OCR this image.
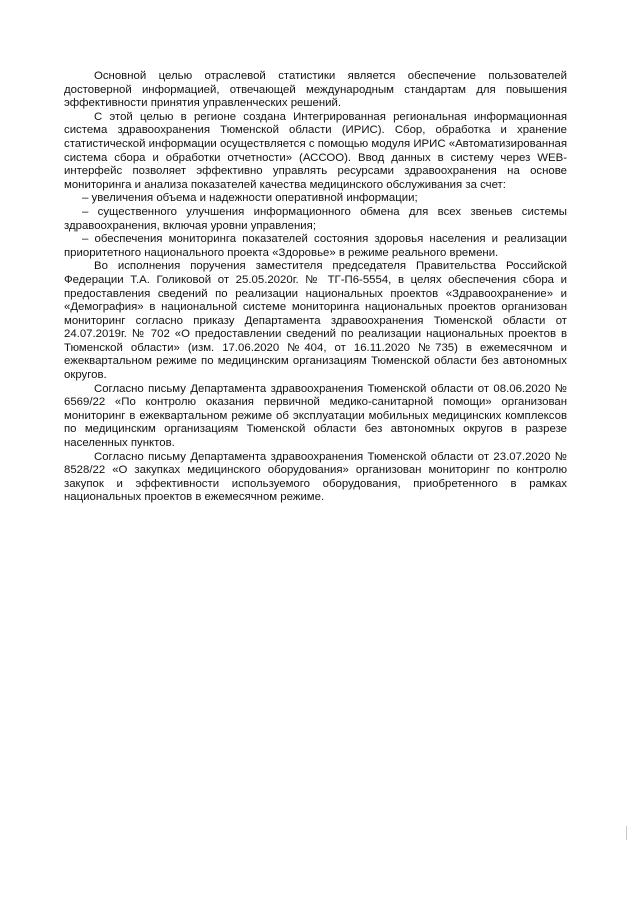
Основной целью отраслевой статистики является обеспечение пользователей достоверной информацией, отвечающей международным стандартам для повышения эффективности принятия управленческих решений.

С этой целью в регионе создана Интегрированная региональная информационная система здравоохранения Тюменской области (ИРИС). Сбор, обработка и хранение статистической информации осуществляется с помощью модуля ИРИС «Автоматизированная система сбора и обработки отчетности» (АССОО). Ввод данных в систему через WEB-интерфейс позволяет эффективно управлять ресурсами здравоохранения на основе мониторинга и анализа показателей качества медицинского обслуживания за счет:

– увеличения объема и надежности оперативной информации;

– существенного улучшения информационного обмена для всех звеньев системы здравоохранения, включая уровни управления;

– обеспечения мониторинга показателей состояния здоровья населения и реализации приоритетного национального проекта «Здоровье» в режиме реального времени.

Во исполнения поручения заместителя председателя Правительства Российской Федерации Т.А. Голиковой от 25.05.2020г. № ТГ-П6-5554, в целях обеспечения сбора и предоставления сведений по реализации национальных проектов «Здравоохранение» и «Демография» в национальной системе мониторинга национальных проектов организован мониторинг согласно приказу Департамента здравоохранения Тюменской области от 24.07.2019г. № 702 «О предоставлении сведений по реализации национальных проектов в Тюменской области» (изм. 17.06.2020 №404, от 16.11.2020 №735) в ежемесячном и ежеквартальном режиме по медицинским организациям Тюменской области без автономных округов.

Согласно письму Департамента здравоохранения Тюменской области от 08.06.2020 № 6569/22 «По контролю оказания первичной медико-санитарной помощи» организован мониторинг в ежеквартальном режиме об эксплуатации мобильных медицинских комплексов по медицинским организациям Тюменской области без автономных округов в разрезе населенных пунктов.

Согласно письму Департамента здравоохранения Тюменской области от 23.07.2020 № 8528/22 «О закупках медицинского оборудования» организован мониторинг по контролю закупок и эффективности используемого оборудования, приобретенного в рамках национальных проектов в ежемесячном режиме.
